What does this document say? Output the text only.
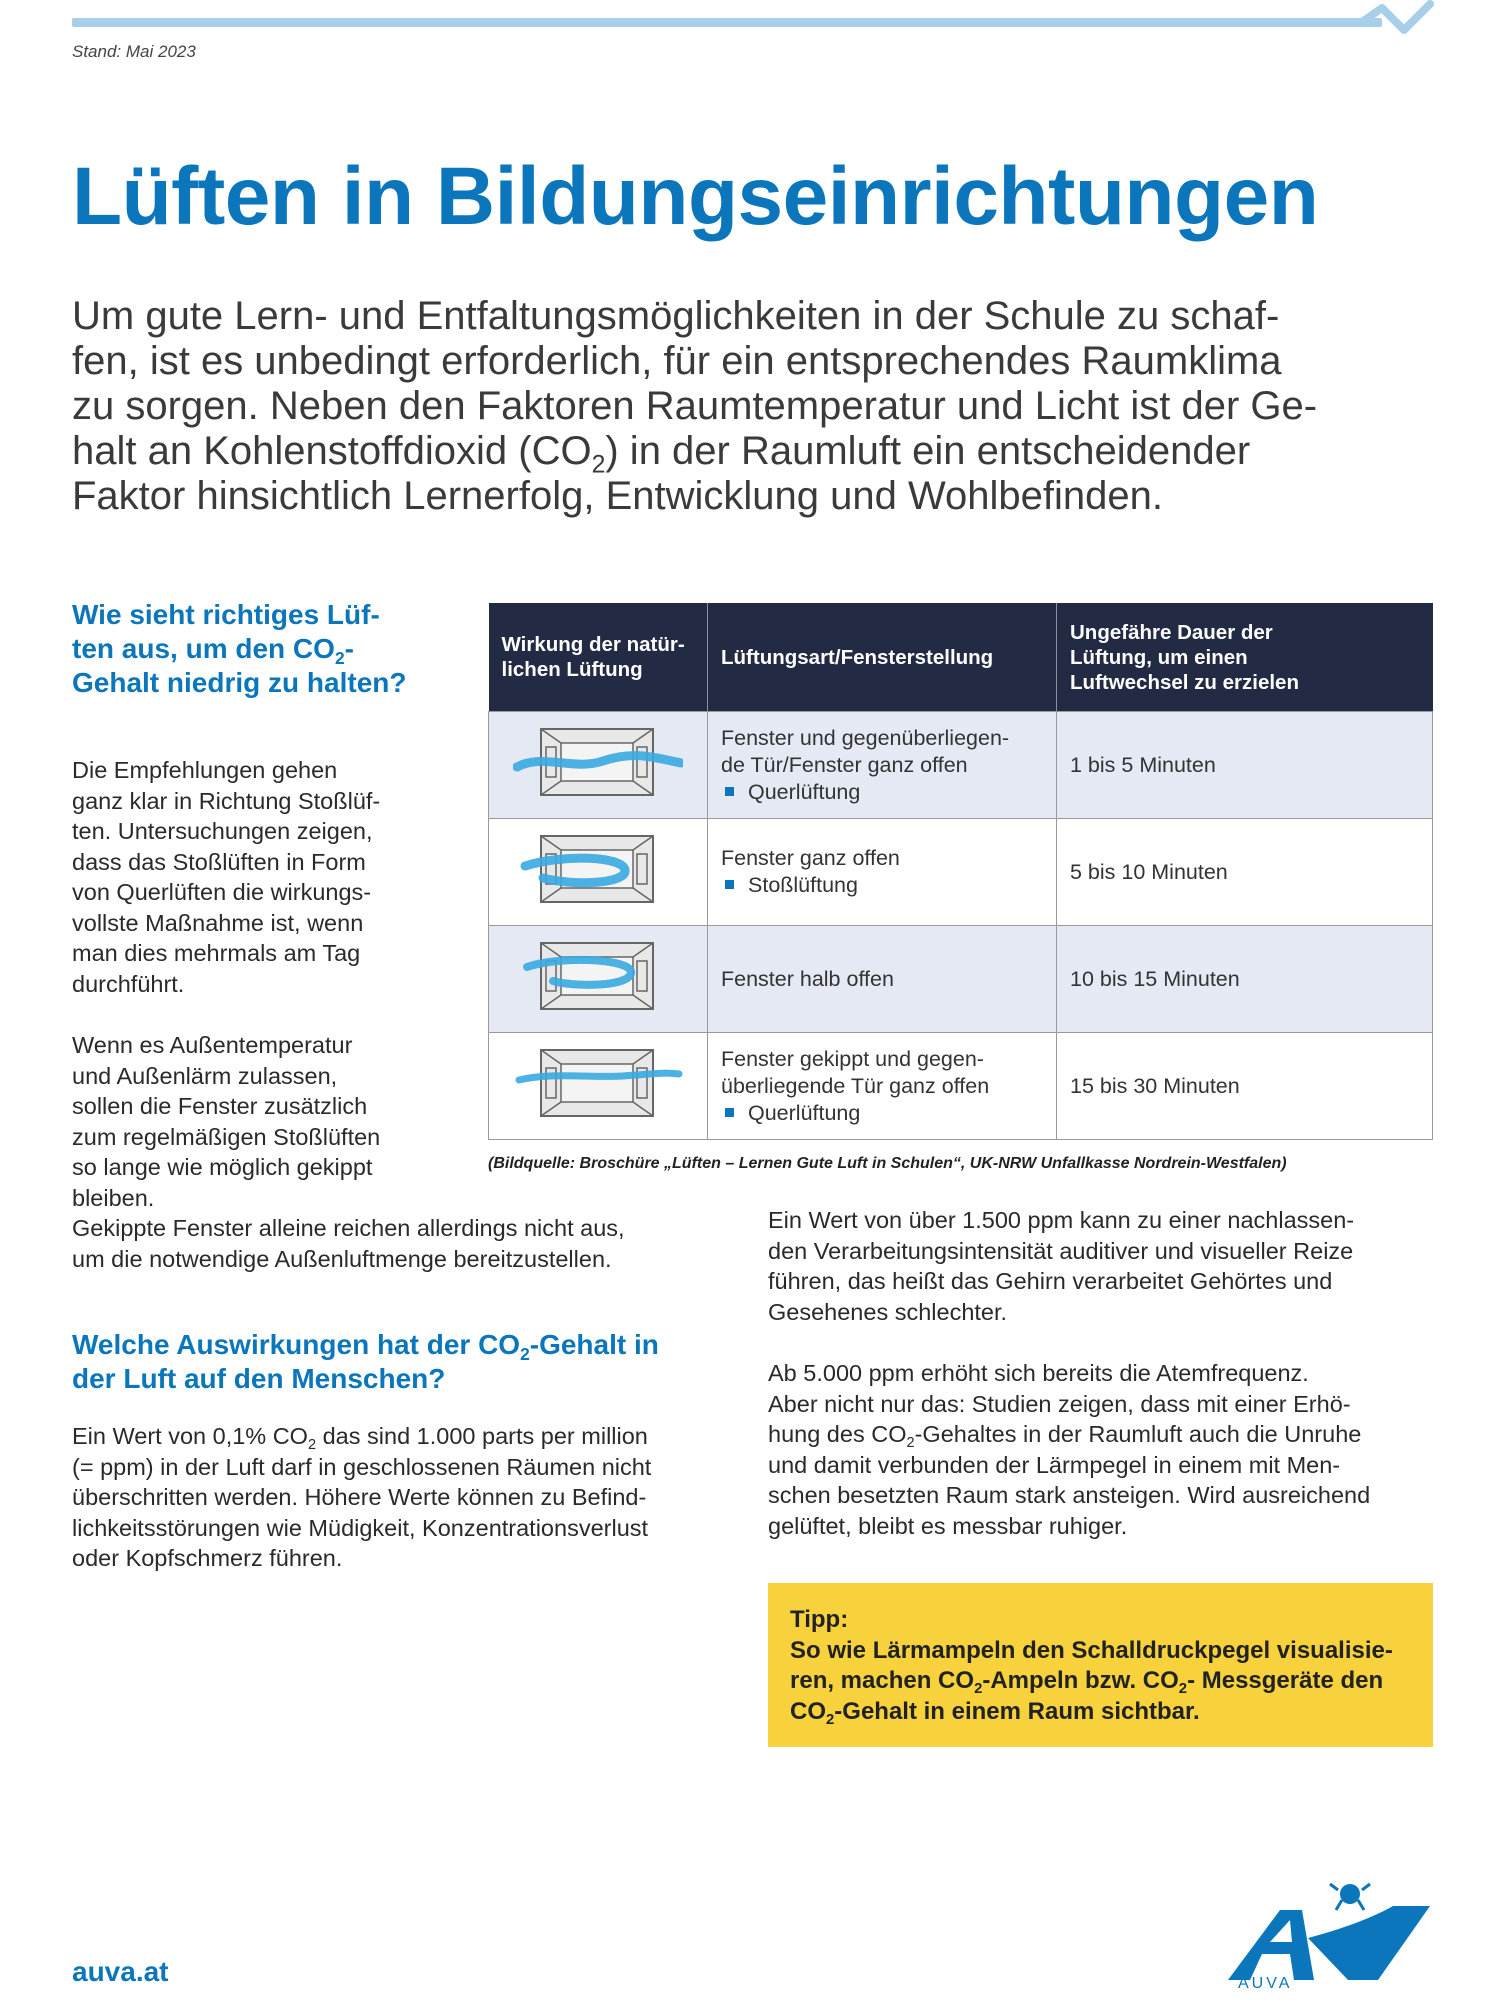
Stand: Mai 2023
Lüften in Bildungseinrichtungen

Um gute Lern- und Entfaltungsmöglichkeiten in der Schule zu schaf-

fen, ist es unbedingt erforderlich, für ein entsprechendes Raumklima

zu sorgen. Neben den Faktoren Raumtemperatur und Licht ist der Ge-

halt an Kohlenstoffdioxid $(CO_2)$ in der Raumluft ein entscheidender

Faktor hinsichtlich Lernerfolg, Entwicklung und Wohlbefinden.

Wie sieht richtiges Lüf-

ten aus, um den $CO_2-$

Gehalt niedrig zu halten?

Die Empfehlungen gehen

ganz klar in Richtung Stoßlüf-

ten. Untersuchungen zeigen,

dass das Stoßlüften in Form

von Querlüften die wirkungs-

vollste Maßnahme ist, wenn

man dies mehrmals am Tag

durchführt.

Wenn es Außentemperatur

und Außenlärm zulassen,

sollen die Fenster zusätzlich

zum regelmäßigen Stoßlüften

so lange wie möglich gekippt

bleiben.

Gekippte Fenster alleine reichen allerdings nicht aus,

um die notwendige Außenluftmenge bereitzustellen.

Wirkung der natür-
lichen Lüftung	Lüftungsart/Fensterstellung	Ungefähre Dauer der
Lüftung, um einen
Luftwechsel zu erzielen
	Fenster und gegenüberliegen-
de Tür/Fenster ganz offen
Querlüftung	1 bis 5 Minuten
	Fenster ganz offen
Stoßlüftung	5 bis 10 Minuten
	Fenster halb offen	10 bis 15 Minuten
	Fenster gekippt und gegen-
überliegende Tür ganz offen
Querlüftung	15 bis 30 Minuten
(Bildquelle: Broschüre „Lüften – Lernen Gute Luft in Schulen“, UK-NRW Unfallkasse Nordrein-Westfalen)

Welche Auswirkungen hat der $CO_2$-Gehalt in

der Luft auf den Menschen?

Ein Wert von 0,1% $CO_2$ das sind 1.000 parts per million

(= ppm) in der Luft darf in geschlossenen Räumen nicht

überschritten werden. Höhere Werte können zu Befind-

lichkeitsstörungen wie Müdigkeit, Konzentrationsverlust

oder Kopfschmerz führen.

Ein Wert von über 1.500 ppm kann zu einer nachlassen-

den Verarbeitungsintensität auditiver und visueller Reize

führen, das heißt das Gehirn verarbeitet Gehörtes und

Gesehenes schlechter.

Ab 5.000 ppm erhöht sich bereits die Atemfrequenz.

Aber nicht nur das: Studien zeigen, dass mit einer Erhö-

hung des $CO_2$-Gehaltes in der Raumluft auch die Unruhe

und damit verbunden der Lärmpegel in einem mit Men-

schen besetzten Raum stark ansteigen. Wird ausreichend

gelüftet, bleibt es messbar ruhiger.

Tipp:

So wie Lärmampeln den Schalldruckpegel visualisie-

ren, machen $CO_2$-Ampeln bzw. $CO_2-$ Messgeräte den

$CO_2$-Gehalt in einem Raum sichtbar.

auva.at	AUVA
